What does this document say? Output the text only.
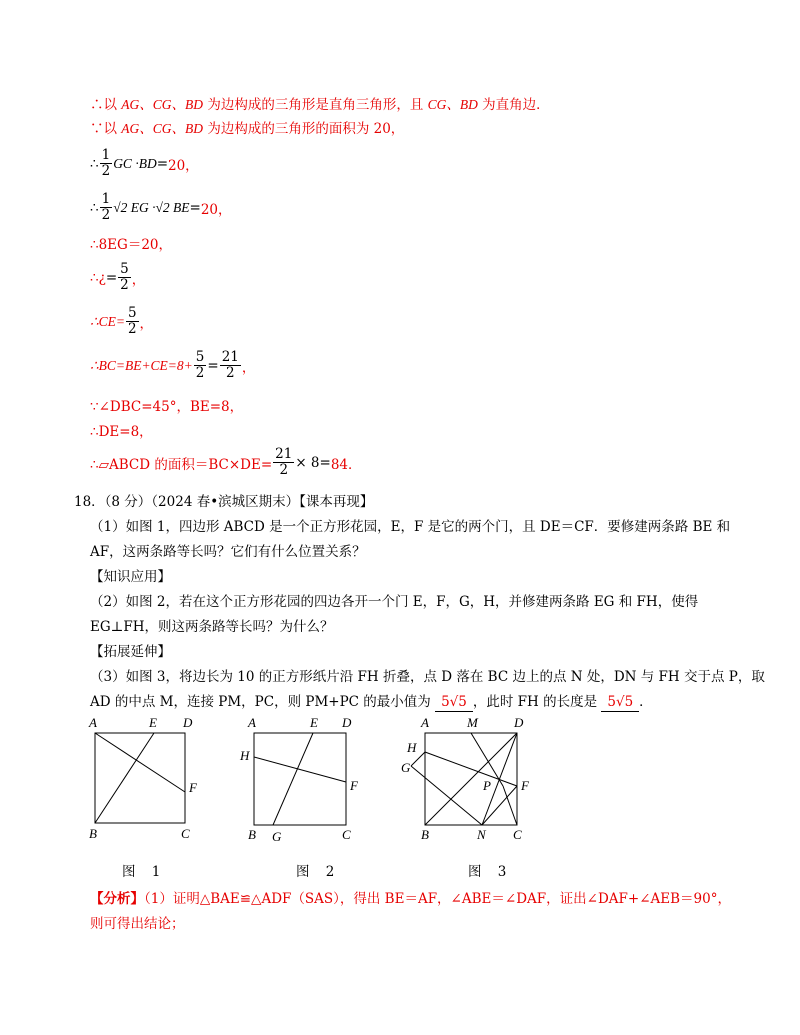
∴以 AG、CG、BD 为边构成的三角形是直角三角形，且 CG、BD 为直角边．
∵以 AG、CG、BD 为边构成的三角形的面积为 20，
∴ $\frac{1}{2}$ GC ·BD = 20，
∴ $\frac{1}{2} √2$ EG ·√2 BE = 20，
∴8EG＝20，
∴¿ = $\frac{5}{2}$ ，
∴CE= $\frac{5}{2}$ ，
∴BC=BE+CE=8+ $\frac{5}{2} = \frac{21}{2}$ ，
∵∠DBC=45°，BE=8，
∴DE=8，
∴▱ABCD 的面积$=BC\times DE= \frac{21}{2} \times 8 = 84$．
18．（8 分）（2024 春•滨城区期末）【课本再现】
（1）如图 1，四边形 ABCD 是一个正方形花园，E，F 是它的两个门，且 DE＝CF．要修建两条路 BE 和
AF，这两条路等长吗？它们有什么位置关系？
【知识应用】
（2）如图 2，若在这个正方形花园的四边各开一个门 E，F，G，H，并修建两条路 EG 和 FH，使得
EG⊥FH，则这两条路等长吗？为什么？
【拓展延伸】
（3）如图 3，将边长为 10 的正方形纸片沿 FH 折叠，点 D 落在 BC 边上的点 N 处，DN 与 FH 交于点 P，取
AD 的中点 M，连接 PM，PC，则 PM+PC 的最小值为 5√5 ，此时 FH 的长度是 5√5 ．
A	E D
F
B	C
A	E D
H
F
B G	C
A	M	D
H
G
P F
B	N C
图 1	图 2	图 3
【分析】（1）证明△BAE≌△ADF（SAS），得出 BE＝AF，∠ABE＝∠DAF，证出∠DAF+∠AEB＝90°，
则可得出结论；
